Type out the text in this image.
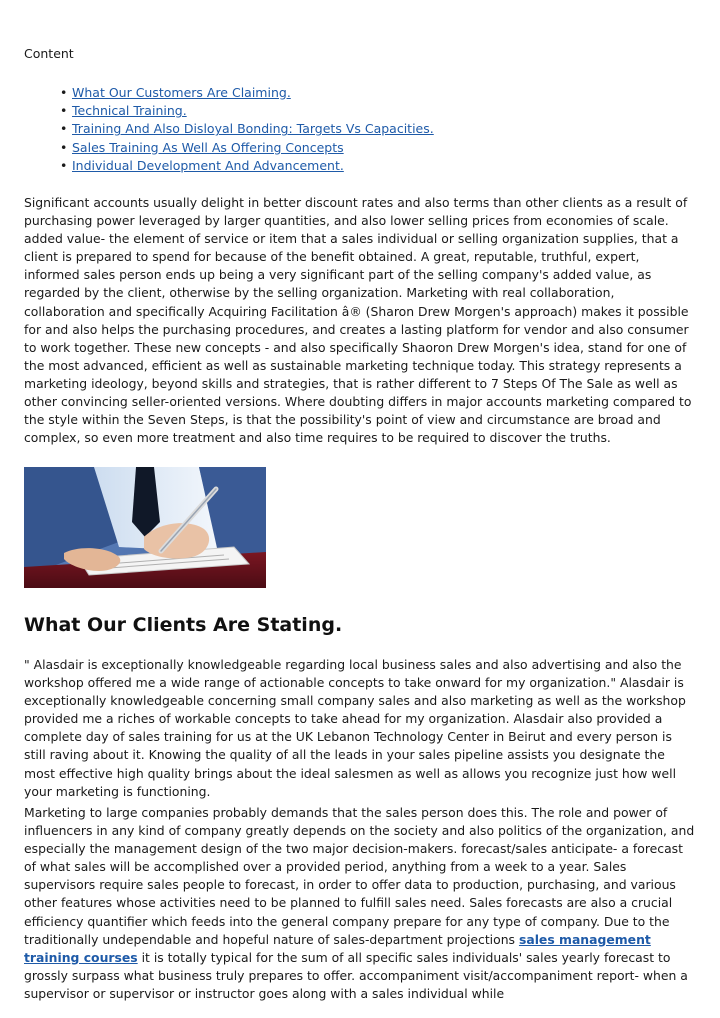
Content
• What Our Customers Are Claiming.
• Technical Training.
• Training And Also Disloyal Bonding: Targets Vs Capacities.
• Sales Training As Well As Offering Concepts
• Individual Development And Advancement.

Significant accounts usually delight in better discount rates and also terms than other clients as a result of purchasing power leveraged by larger quantities, and also lower selling prices from economies of scale. added value- the element of service or item that a sales individual or selling organization supplies, that a client is prepared to spend for because of the benefit obtained. A great, reputable, truthful, expert, informed sales person ends up being a very significant part of the selling company's added value, as regarded by the client, otherwise by the selling organization. Marketing with real collaboration, collaboration and specifically Acquiring Facilitation â® (Sharon Drew Morgen's approach) makes it possible for and also helps the purchasing procedures, and creates a lasting platform for vendor and also consumer to work together. These new concepts - and also specifically Shaoron Drew Morgen's idea, stand for one of the most advanced, efficient as well as sustainable marketing technique today. This strategy represents a marketing ideology, beyond skills and strategies, that is rather different to 7 Steps Of The Sale as well as other convincing seller-oriented versions. Where doubting differs in major accounts marketing compared to the style within the Seven Steps, is that the possibility's point of view and circumstance are broad and complex, so even more treatment and also time requires to be required to discover the truths.

What Our Clients Are Stating.

" Alasdair is exceptionally knowledgeable regarding local business sales and also advertising and also the workshop offered me a wide range of actionable concepts to take onward for my organization." Alasdair is exceptionally knowledgeable concerning small company sales and also marketing as well as the workshop provided me a riches of workable concepts to take ahead for my organization. Alasdair also provided a complete day of sales training for us at the UK Lebanon Technology Center in Beirut and every person is still raving about it. Knowing the quality of all the leads in your sales pipeline assists you designate the most effective high quality brings about the ideal salesmen as well as allows you recognize just how well your marketing is functioning.

Marketing to large companies probably demands that the sales person does this. The role and power of influencers in any kind of company greatly depends on the society and also politics of the organization, and especially the management design of the two major decision-makers. forecast/sales anticipate- a forecast of what sales will be accomplished over a provided period, anything from a week to a year. Sales supervisors require sales people to forecast, in order to offer data to production, purchasing, and various other features whose activities need to be planned to fulfill sales need. Sales forecasts are also a crucial efficiency quantifier which feeds into the general company prepare for any type of company. Due to the traditionally undependable and hopeful nature of sales-department projections sales management training courses it is totally typical for the sum of all specific sales individuals' sales yearly forecast to grossly surpass what business truly prepares to offer. accompaniment visit/accompaniment report- when a supervisor or supervisor or instructor goes along with a sales individual while
